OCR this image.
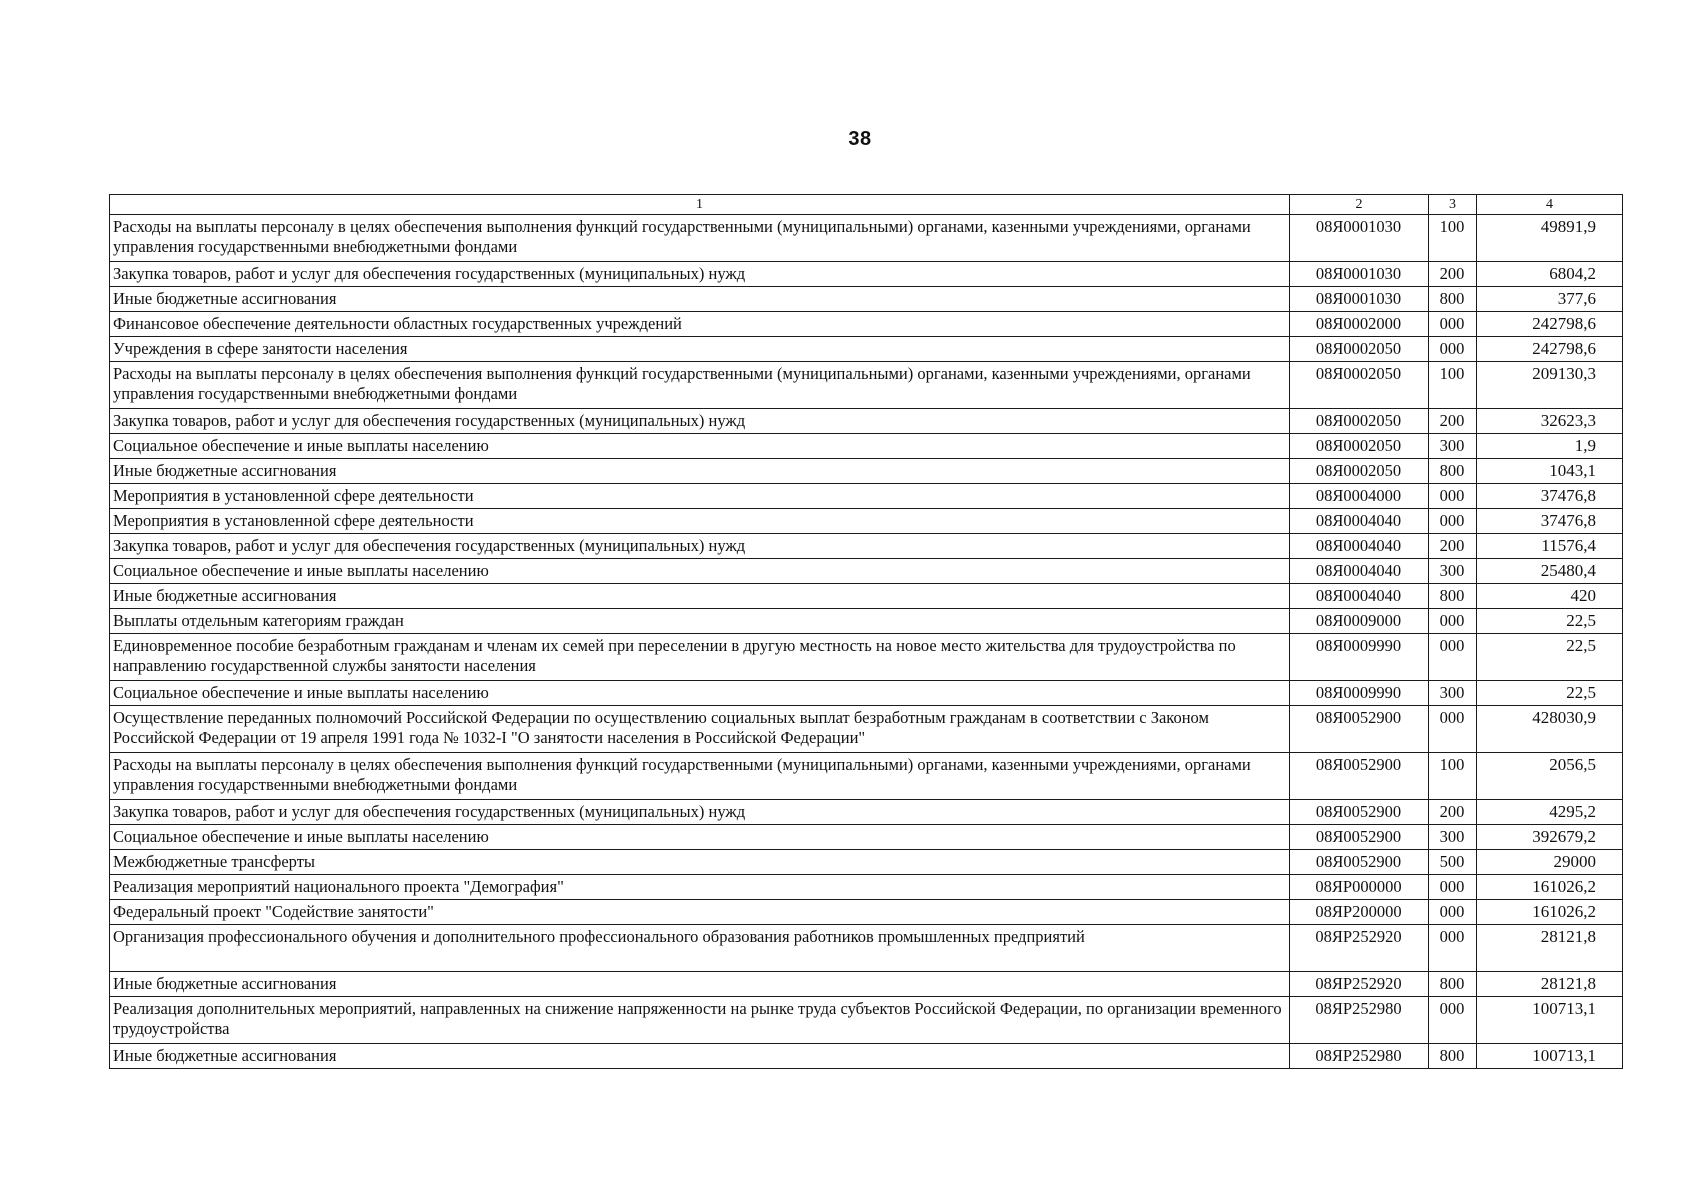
38
1	2	3	4
Расходы на выплаты персоналу в целях обеспечения выполнения функций государственными (муниципальными) органами, казенными учреждениями, органами управления государственными внебюджетными фондами	08Я0001030	100	49891,9
Закупка товаров, работ и услуг для обеспечения государственных (муниципальных) нужд	08Я0001030	200	6804,2
Иные бюджетные ассигнования	08Я0001030	800	377,6
Финансовое обеспечение деятельности областных государственных учреждений	08Я0002000	000	242798,6
Учреждения в сфере занятости населения	08Я0002050	000	242798,6
Расходы на выплаты персоналу в целях обеспечения выполнения функций государственными (муниципальными) органами, казенными учреждениями, органами управления государственными внебюджетными фондами	08Я0002050	100	209130,3
Закупка товаров, работ и услуг для обеспечения государственных (муниципальных) нужд	08Я0002050	200	32623,3
Социальное обеспечение и иные выплаты населению	08Я0002050	300	1,9
Иные бюджетные ассигнования	08Я0002050	800	1043,1
Мероприятия в установленной сфере деятельности	08Я0004000	000	37476,8
Мероприятия в установленной сфере деятельности	08Я0004040	000	37476,8
Закупка товаров, работ и услуг для обеспечения государственных (муниципальных) нужд	08Я0004040	200	11576,4
Социальное обеспечение и иные выплаты населению	08Я0004040	300	25480,4
Иные бюджетные ассигнования	08Я0004040	800	420
Выплаты отдельным категориям граждан	08Я0009000	000	22,5
Единовременное пособие безработным гражданам и членам их семей при переселении в другую местность на новое место жительства для трудоустройства по направлению государственной службы занятости населения	08Я0009990	000	22,5
Социальное обеспечение и иные выплаты населению	08Я0009990	300	22,5
Осуществление переданных полномочий Российской Федерации по осуществлению социальных выплат безработным гражданам в соответствии с Законом Российской Федерации от 19 апреля 1991 года № 1032-I "О занятости населения в Российской Федерации"	08Я0052900	000	428030,9
Расходы на выплаты персоналу в целях обеспечения выполнения функций государственными (муниципальными) органами, казенными учреждениями, органами управления государственными внебюджетными фондами	08Я0052900	100	2056,5
Закупка товаров, работ и услуг для обеспечения государственных (муниципальных) нужд	08Я0052900	200	4295,2
Социальное обеспечение и иные выплаты населению	08Я0052900	300	392679,2
Межбюджетные трансферты	08Я0052900	500	29000
Реализация мероприятий национального проекта "Демография"	08ЯР000000	000	161026,2
Федеральный проект "Содействие занятости"	08ЯР200000	000	161026,2
Организация профессионального обучения и дополнительного профессионального образования работников промышленных предприятий	08ЯР252920	000	28121,8
Иные бюджетные ассигнования	08ЯР252920	800	28121,8
Реализация дополнительных мероприятий, направленных на снижение напряженности на рынке труда субъектов Российской Федерации, по организации временного трудоустройства	08ЯР252980	000	100713,1
Иные бюджетные ассигнования	08ЯР252980	800	100713,1
